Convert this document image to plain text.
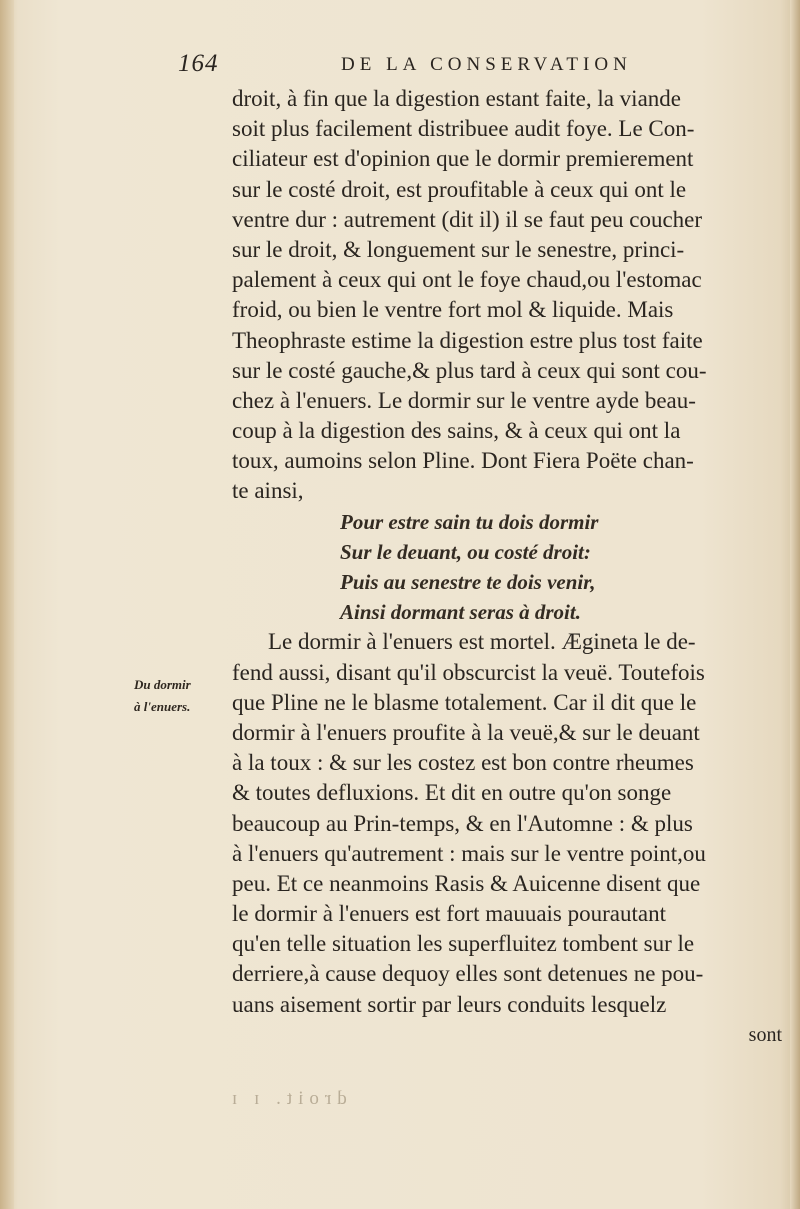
164	DE LA CONSERVATION
Du dormir
à l'enuers.
droit, à fin que la digestion estant faite, la viande
soit plus facilement distribuee audit foye. Le Con-
ciliateur est d'opinion que le dormir premierement
sur le costé droit, est proufitable à ceux qui ont le
ventre dur : autrement (dit il) il se faut peu coucher
sur le droit, & longuement sur le senestre, princi-
palement à ceux qui ont le foye chaud,ou l'estomac
froid, ou bien le ventre fort mol & liquide. Mais
Theophraste estime la digestion estre plus tost faite
sur le costé gauche,& plus tard à ceux qui sont cou-
chez à l'enuers. Le dormir sur le ventre ayde beau-
coup à la digestion des sains, & à ceux qui ont la
toux, aumoins selon Pline. Dont Fiera Poëte chan-
te ainsi,
Pour estre sain tu dois dormir
Sur le deuant, ou costé droit:
Puis au senestre te dois venir,
Ainsi dormant seras à droit.
Le dormir à l'enuers est mortel. Ægineta le de-
fend aussi, disant qu'il obscurcist la veuë. Toutefois
que Pline ne le blasme totalement. Car il dit que le
dormir à l'enuers proufite à la veuë,& sur le deuant
à la toux : & sur les costez est bon contre rheumes
& toutes defluxions. Et dit en outre qu'on songe
beaucoup au Prin-temps, & en l'Automne : & plus
à l'enuers qu'autrement : mais sur le ventre point,ou
peu. Et ce neanmoins Rasis & Auicenne disent que
le dormir à l'enuers est fort mauuais pourautant
qu'en telle situation les superfluitez tombent sur le
derriere,à cause dequoy elles sont detenues ne pou-
uans aisement sortir par leurs conduits lesquelz
sont
droit. ɪ ɪ
